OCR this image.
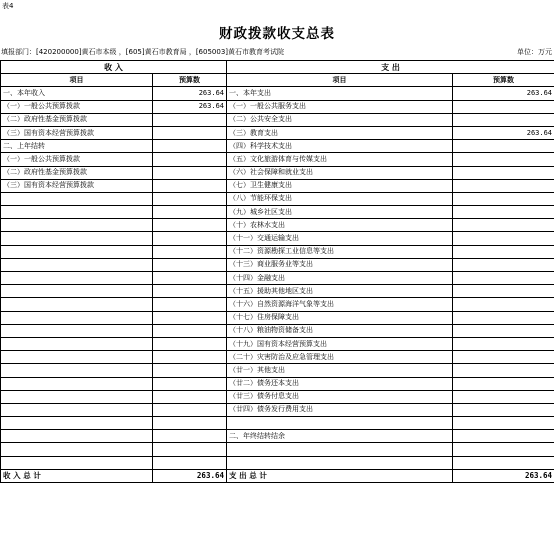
表4
财政拨款收支总表
填报部门：[420200000]黄石市本级 ，[605]黄石市教育局 ，[605003]黄石市教育考试院	单位：万元
收 入		支 出	
项目	预算数	项目	预算数
一、本年收入	263.64	一、本年支出	263.64
（一）一般公共预算拨款	263.64	（一）一般公共服务支出	
（二）政府性基金预算拨款		（二）公共安全支出	
（三）国有资本经营预算拨款		（三）教育支出	263.64
二、上年结转		（四）科学技术支出	
（一）一般公共预算拨款		（五）文化旅游体育与传媒支出	
（二）政府性基金预算拨款		（六）社会保障和就业支出	
（三）国有资本经营预算拨款		（七）卫生健康支出	
		（八）节能环保支出	
		（九）城乡社区支出	
		（十）农林水支出	
		（十一）交通运输支出	
		（十二）资源勘探工业信息等支出	
		（十三）商业服务业等支出	
		（十四）金融支出	
		（十五）援助其他地区支出	
		（十六）自然资源海洋气象等支出	
		（十七）住房保障支出	
		（十八）粮油物资储备支出	
		（十九）国有资本经营预算支出	
		（二十）灾害防治及应急管理支出	
		（廿一）其他支出	
		（廿二）债务还本支出	
		（廿三）债务付息支出	
		（廿四）债务发行费用支出	

		二、年终结转结余	

收 入 总 计	263.64	支 出 总 计	263.64
